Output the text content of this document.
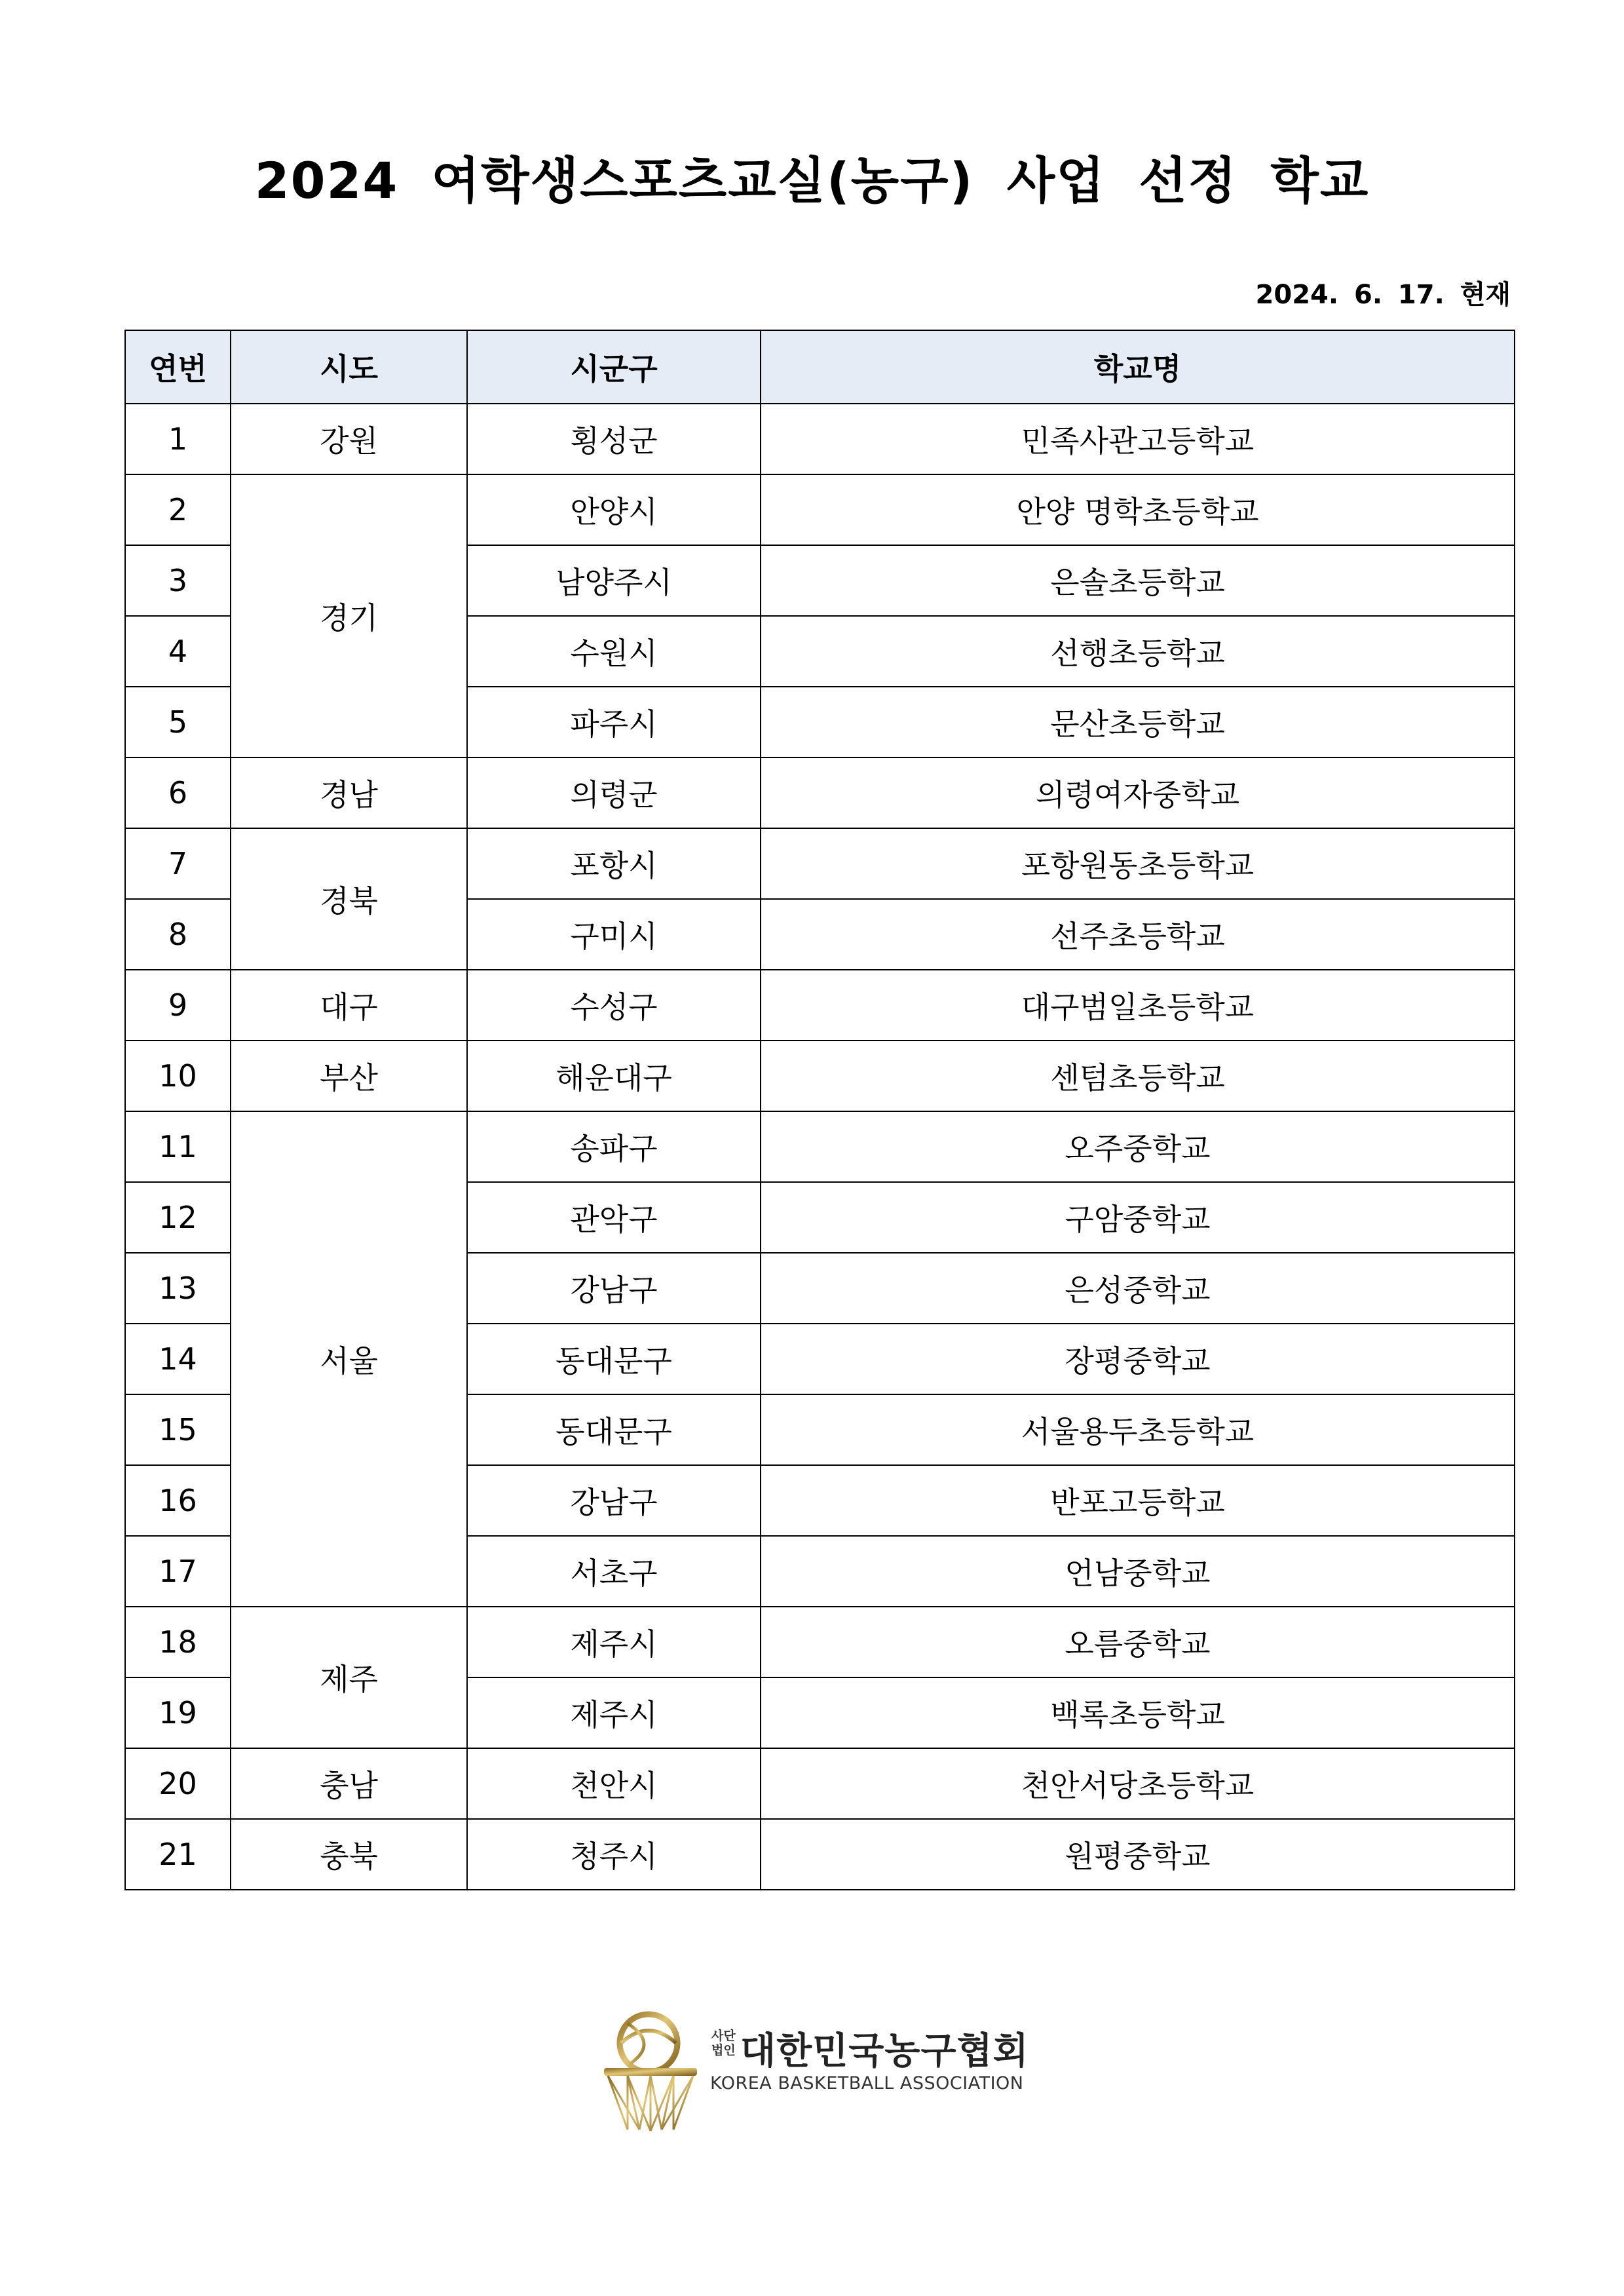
2024 여학생스포츠교실(농구) 사업 선정 학교
2024. 6. 17. 현재
연번	시도	시군구	학교명
1	강원	횡성군	민족사관고등학교
2	경기	안양시	안양 명학초등학교
3		남양주시	은솔초등학교
4		수원시	선행초등학교
5		파주시	문산초등학교
6	경남	의령군	의령여자중학교
7	경북	포항시	포항원동초등학교
8		구미시	선주초등학교
9	대구	수성구	대구범일초등학교
10	부산	해운대구	센텀초등학교
11	서울	송파구	오주중학교
12		관악구	구암중학교
13		강남구	은성중학교
14		동대문구	장평중학교
15		동대문구	서울용두초등학교
16		강남구	반포고등학교
17		서초구	언남중학교
18	제주	제주시	오름중학교
19		제주시	백록초등학교
20	충남	천안시	천안서당초등학교
21	충북	청주시	원평중학교
사단법인 대한민국농구협회
KOREA BASKETBALL ASSOCIATION
